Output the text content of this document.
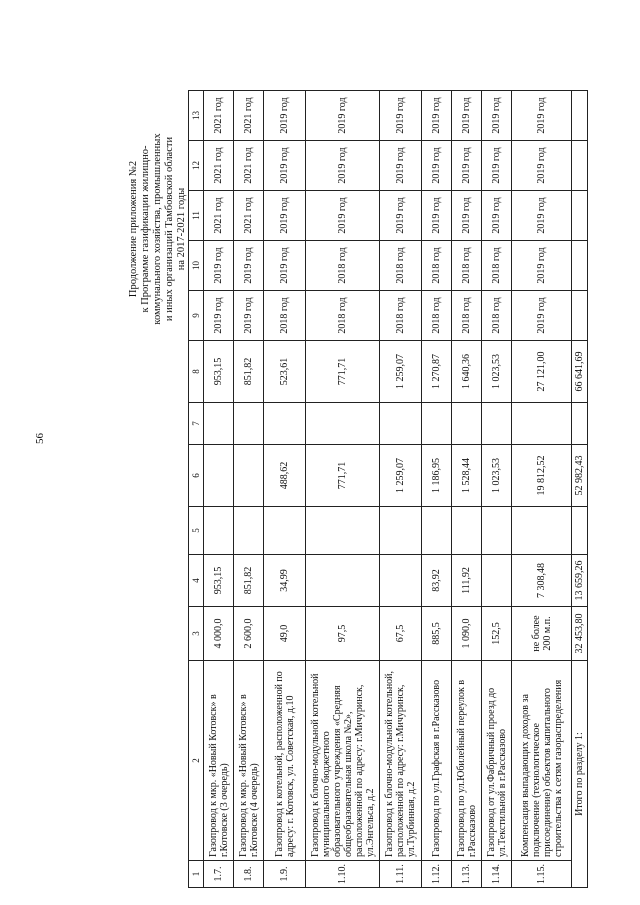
56
Продолжение приложения №2 к Программе газификации жилищно- коммунального хозяйства, промышленных и иных организаций Тамбовской области на 2017-2021 годы
1	2	3	4	5	6	7	8	9	10	11	12	13
1.7.	Газопровод к мкр. «Новый Котовск» в г.Котовске (3 очередь)	4 000,0	953,15				953,15	2019 год	2019 год	2021 год	2021 год	2021 год
1.8.	Газопровод к мкр. «Новый Котовск» в г.Котовске (4 очередь)	2 600,0	851,82				851,82	2019 год	2019 год	2021 год	2021 год	2021 год
1.9.	Газопровод к котельной, расположенной по адресу: г. Котовск, ул. Советская, д.10	49,0	34,99		488,62		523,61	2018 год	2019 год	2019 год	2019 год	2019 год
1.10.	Газопровод к блочно-модульной котельной муниципального бюджетного образовательного учреждения «Средняя общеобразовательная школа №2», расположенной по адресу: г.Мичуринск, ул.Энгельса, д.2	97,5			771,71		771,71	2018 год	2018 год	2019 год	2019 год	2019 год
1.11.	Газопровод к блочно-модульной котельной, расположенной по адресу: г.Мичуринск, ул.Турбинная, д.2	67,5			1 259,07		1 259,07	2018 год	2018 год	2019 год	2019 год	2019 год
1.12.	Газопровод по ул.Графская в г.Рассказово	885,5	83,92		1 186,95		1 270,87	2018 год	2018 год	2019 год	2019 год	2019 год
1.13.	Газопровод по ул.Юбилейный переулок в г.Рассказово	1 090,0	111,92		1 528,44		1 640,36	2018 год	2018 год	2019 год	2019 год	2019 год
1.14.	Газопровод от ул.Фабричный проезд до ул.Текстильной в г.Рассказово	152,5			1 023,53		1 023,53	2018 год	2018 год	2019 год	2019 год	2019 год
1.15.	Компенсация выпадающих доходов за подключение (технологическое присоединение) объектов капитального строительства к сетям газораспределения	не более 200 м.п.	7 308,48		19 812,52		27 121,00	2019 год	2019 год	2019 год	2019 год	2019 год
Итого по разделу 1:		32 453,80	13 659,26		52 982,43		66 641,69					
